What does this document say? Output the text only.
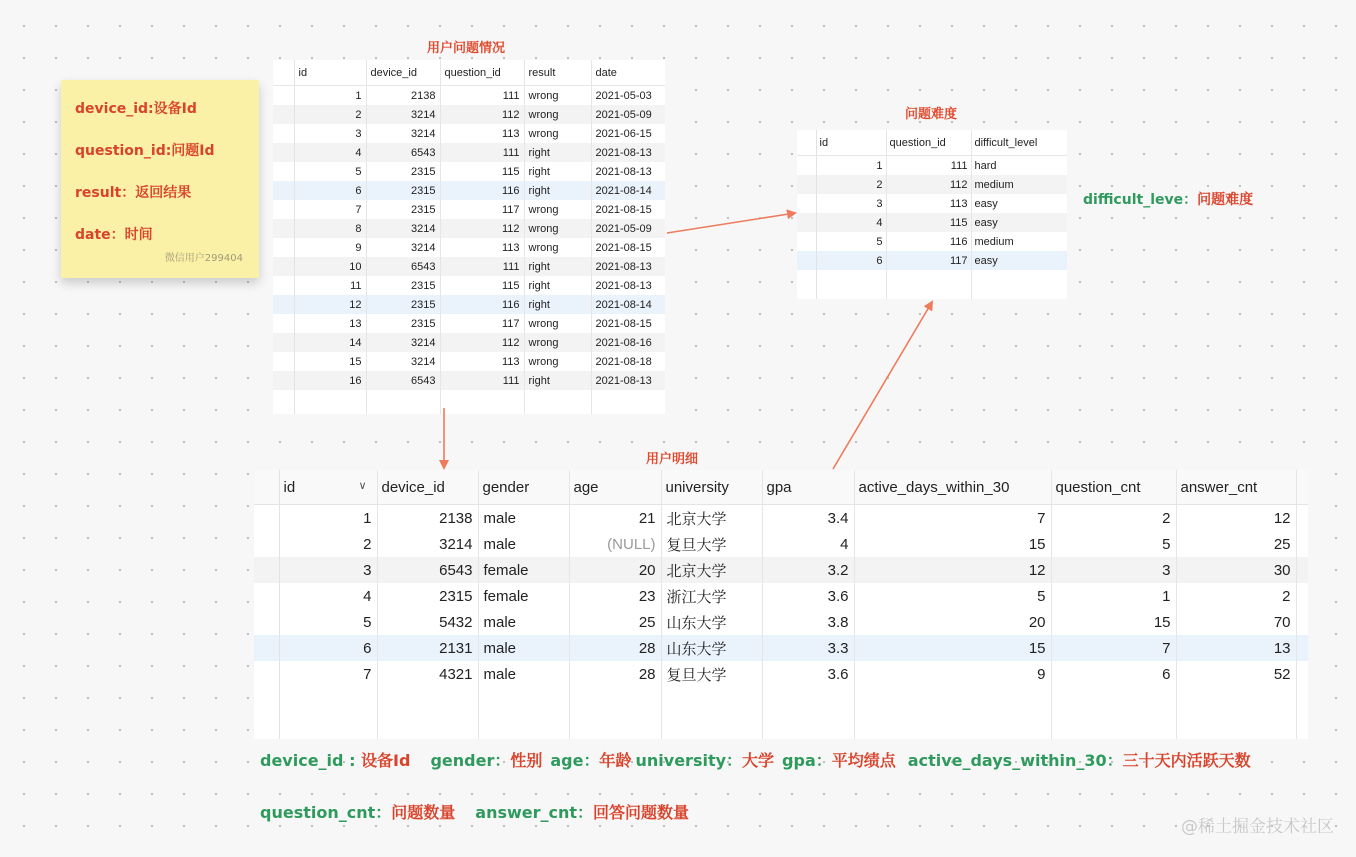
device_id:设备Id
question_id:问题Id
result：返回结果
date：时间
微信用户299404
用户问题情况
问题难度
用户明细
	id	device_id	question_id	result	date
	1	2138	111	wrong	2021-05-03
	2	3214	112	wrong	2021-05-09
	3	3214	113	wrong	2021-06-15
	4	6543	111	right	2021-08-13
	5	2315	115	right	2021-08-13
	6	2315	116	right	2021-08-14
	7	2315	117	wrong	2021-08-15
	8	3214	112	wrong	2021-05-09
	9	3214	113	wrong	2021-08-15
	10	6543	111	right	2021-08-13
	11	2315	115	right	2021-08-13
	12	2315	116	right	2021-08-14
	13	2315	117	wrong	2021-08-15
	14	3214	112	wrong	2021-08-16
	15	3214	113	wrong	2021-08-18
	16	6543	111	right	2021-08-13

	id	question_id	difficult_level
	1	111	hard
	2	112	medium
	3	113	easy
	4	115	easy
	5	116	medium
	6	117	easy

difficult_leve：问题难度
	id ∨	device_id	gender	age	university	gpa	active_days_within_30	question_cnt	answer_cnt	
	1	2138	male	21	北京大学	3.4	7	2	12	
	2	3214	male	(NULL)	复旦大学	4	15	5	25	
	3	6543	female	20	北京大学	3.2	12	3	30	
	4	2315	female	23	浙江大学	3.6	5	1	2	
	5	5432	male	25	山东大学	3.8	20	15	70	
	6	2131	male	28	山东大学	3.3	15	7	13	
	7	4321	male	28	复旦大学	3.6	9	6	52	

device_id : 设备Id gender：性别 age：年龄 university：大学 gpa：平均绩点 active_days_within_30：三十天内活跃天数
question_cnt：问题数量 answer_cnt：回答问题数量
@稀土掘金技术社区
